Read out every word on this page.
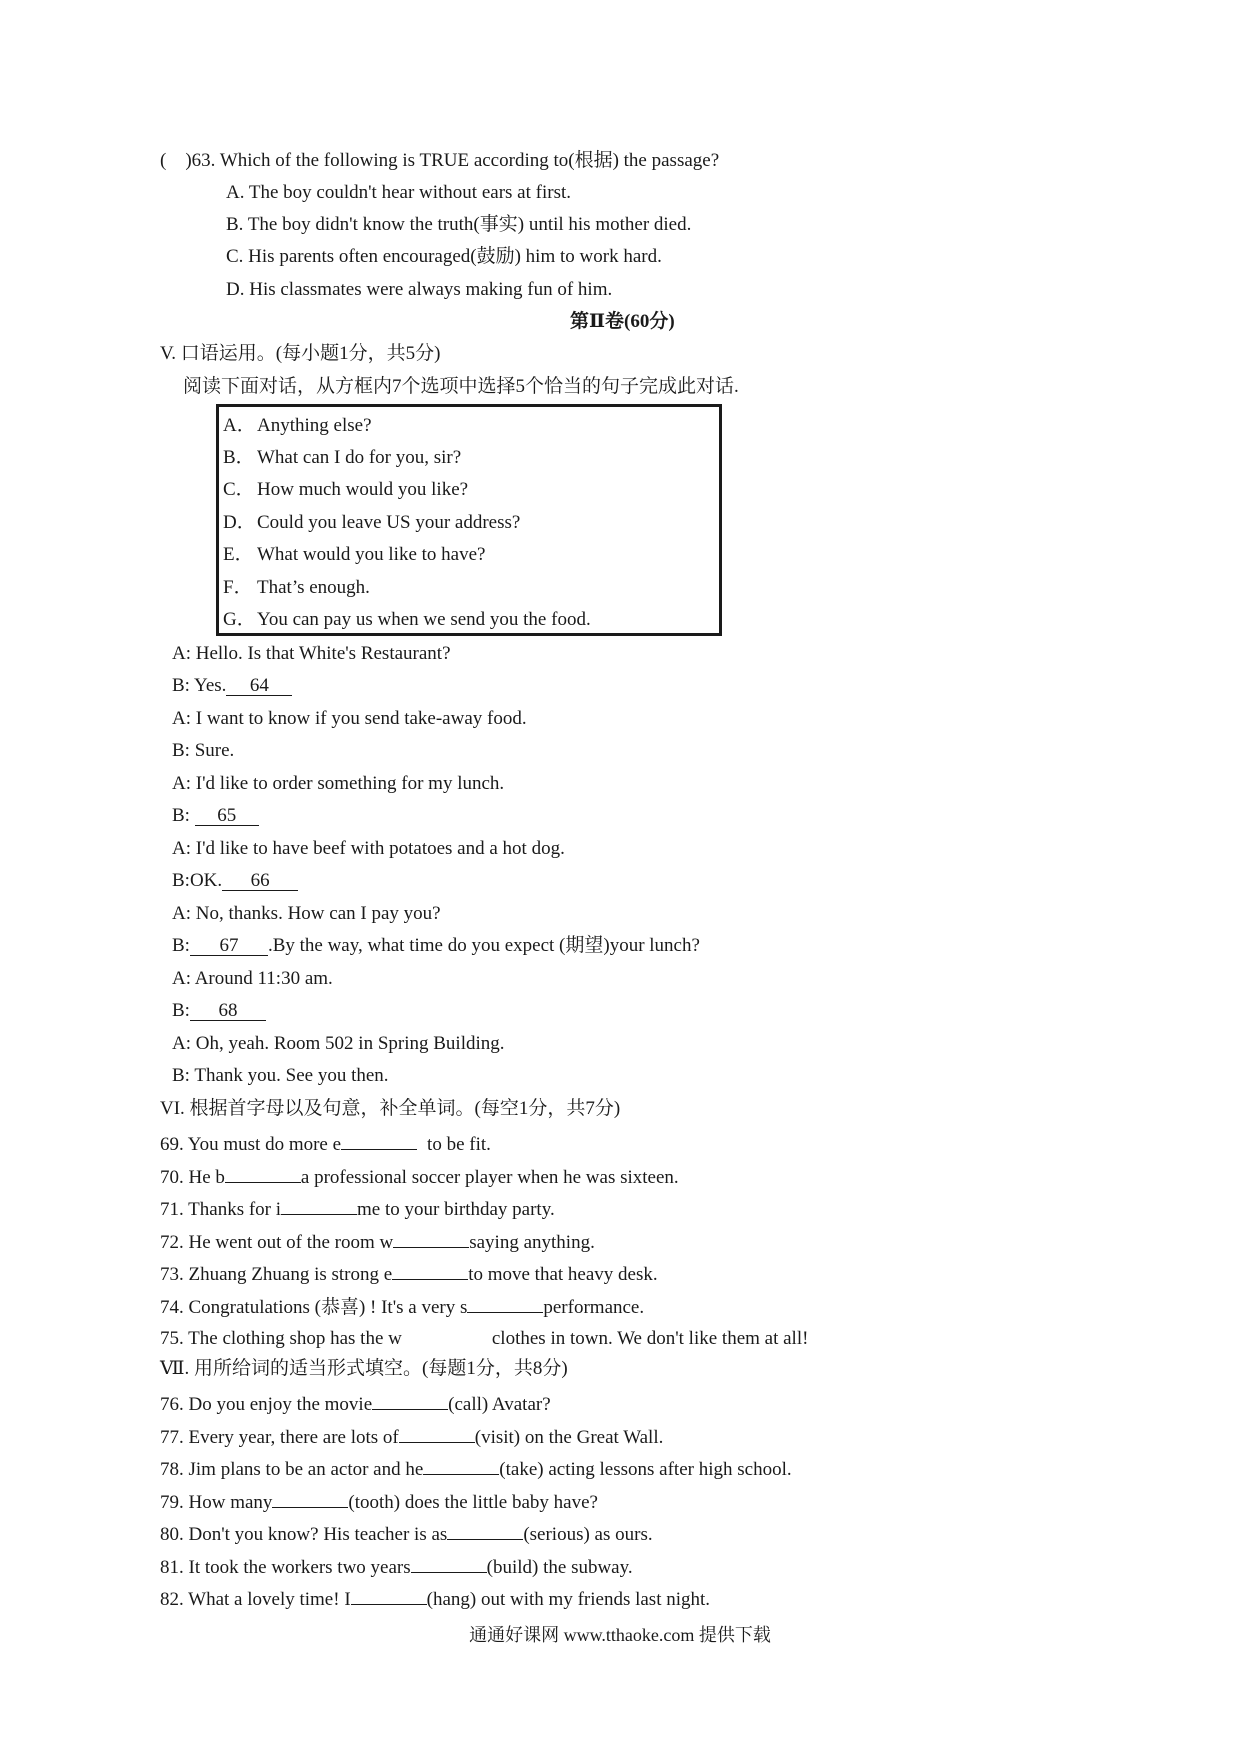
(　)63. Which of the following is TRUE according to(根据) the passage?
A. The boy couldn't hear without ears at first.
B. The boy didn't know the truth(事实) until his mother died.
C. His parents often encouraged(鼓励) him to work hard.
D. His classmates were always making fun of him.
第Ⅱ卷(60分)
V. 口语运用。(每小题1分，共5分)
阅读下面对话，从方框内7个选项中选择5个恰当的句子完成此对话.
A．Anything else?
B． What can I do for you, sir?
C． How much would you like?
D．Could you leave US your address?
E． What would you like to have?
F． That’s enough.
G．You can pay us when we send you the food.
A: Hello. Is that White's Restaurant?
B: Yes. 64
A: I want to know if you send take-away food.
B: Sure.
A: I'd like to order something for my lunch.
B: 65
A: I'd like to have beef with potatoes and a hot dog.
B:OK. 66
A: No, thanks. How can I pay you?
B: 67 .By the way, what time do you expect (期望)your lunch?
A: Around 11:30 am.
B: 68
A: Oh, yeah. Room 502 in Spring Building.
B: Thank you. See you then.
VI. 根据首字母以及句意，补全单词。(每空1分，共7分)
69. You must do more e	to be fit.
70. He b	a professional soccer player when he was sixteen.
71. Thanks for i	me to your birthday party.
72. He went out of the room w	saying anything.
73. Zhuang Zhuang is strong e	to move that heavy desk.
74. Congratulations (恭喜) ! It's a very s	performance.
75. The clothing shop has the w	clothes in town. We don't like them at all!
Ⅶ. 用所给词的适当形式填空。(每题1分，共8分)
76. Do you enjoy the movie	(call) Avatar?
77. Every year, there are lots of	(visit) on the Great Wall.
78. Jim plans to be an actor and he	(take) acting lessons after high school.
79. How many	(tooth) does the little baby have?
80. Don't you know? His teacher is as	(serious) as ours.
81. It took the workers two years	(build) the subway.
82. What a lovely time! I	(hang) out with my friends last night.
通通好课网 www.tthaoke.com 提供下载
